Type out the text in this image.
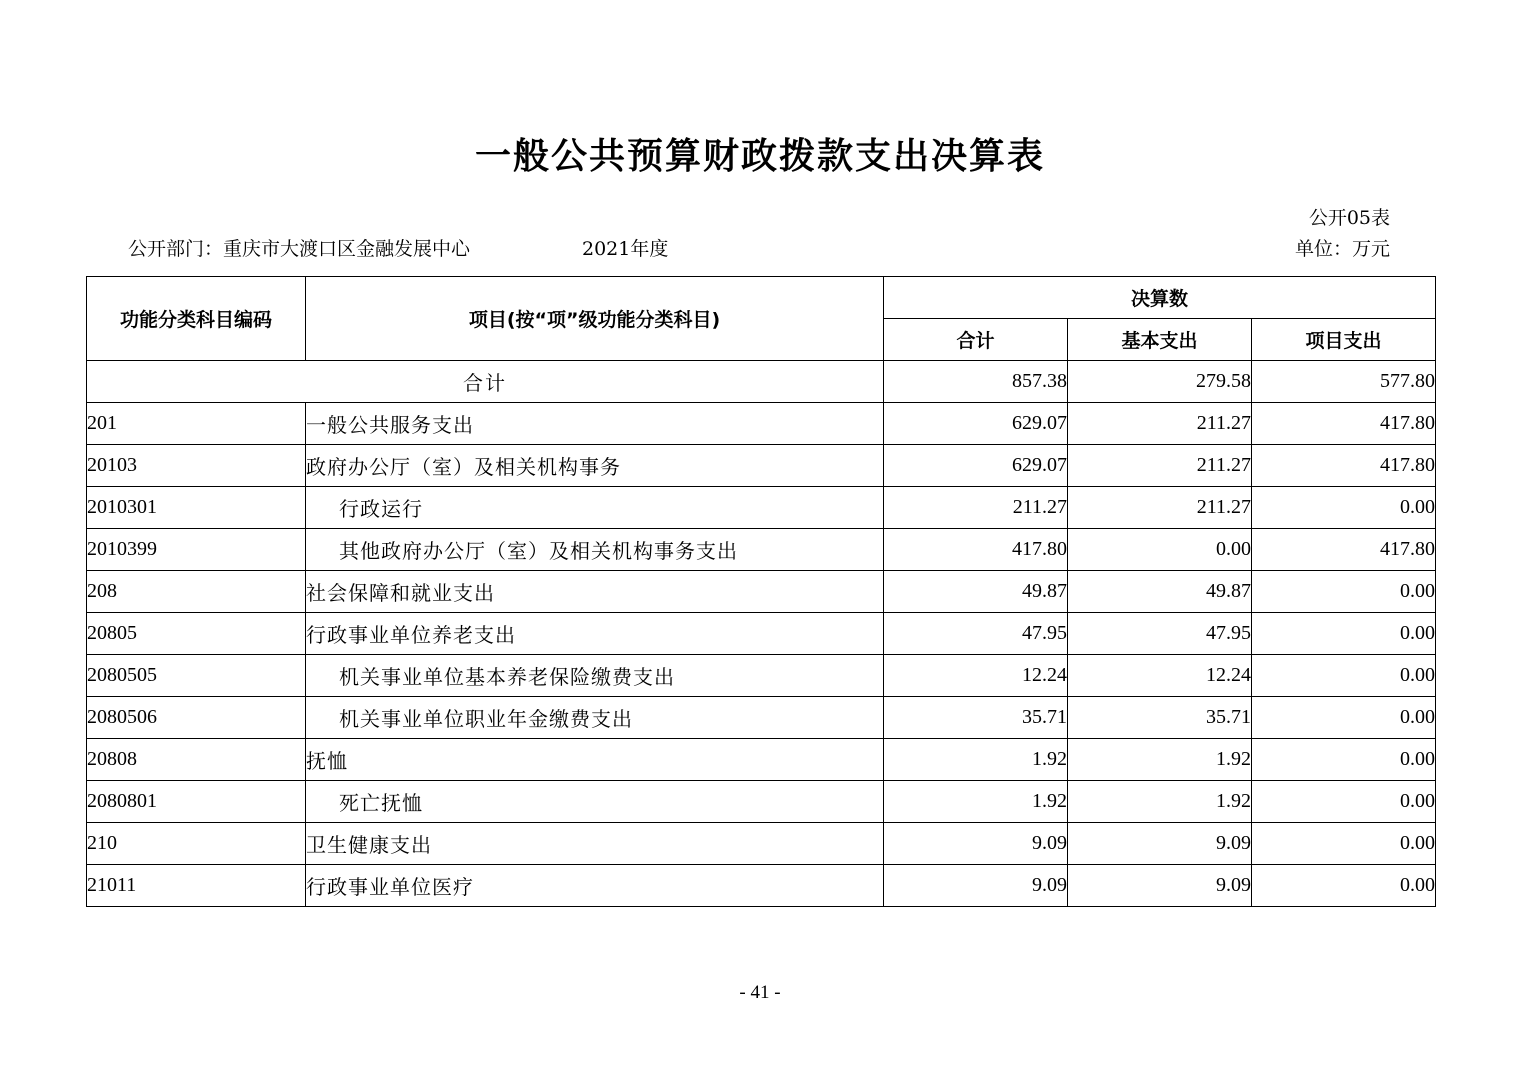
一般公共预算财政拨款支出决算表
公开05表
公开部门：重庆市大渡口区金融发展中心	2021年度	单位：万元
功能分类科目编码	项目(按“项”级功能分类科目)	决算数		
		合计	基本支出	项目支出
合计		857.38	279.58	577.80
201	一般公共服务支出	629.07	211.27	417.80
20103	政府办公厅（室）及相关机构事务	629.07	211.27	417.80
2010301	行政运行	211.27	211.27	0.00
2010399	其他政府办公厅（室）及相关机构事务支出	417.80	0.00	417.80
208	社会保障和就业支出	49.87	49.87	0.00
20805	行政事业单位养老支出	47.95	47.95	0.00
2080505	机关事业单位基本养老保险缴费支出	12.24	12.24	0.00
2080506	机关事业单位职业年金缴费支出	35.71	35.71	0.00
20808	抚恤	1.92	1.92	0.00
2080801	死亡抚恤	1.92	1.92	0.00
210	卫生健康支出	9.09	9.09	0.00
21011	行政事业单位医疗	9.09	9.09	0.00
- 41 -
